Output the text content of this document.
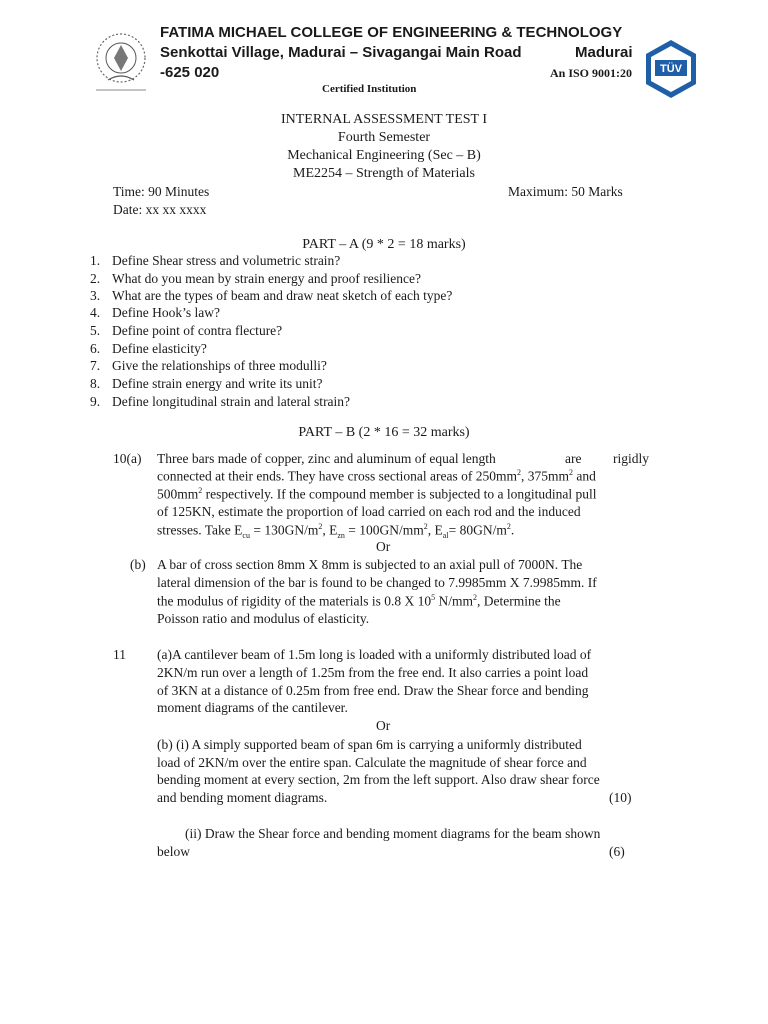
FATIMA MICHAEL COLLEGE OF ENGINEERING & TECHNOLOGY
Senkottai Village, Madurai – Sivagangai Main Road	Madurai
-625 020	An ISO 9001:20
Certified Institution
TÜV
INTERNAL ASSESSMENT TEST I
Fourth Semester
Mechanical Engineering (Sec – B)
ME2254 – Strength of Materials
Time: 90 Minutes	Maximum: 50 Marks
Date: xx xx xxxx
PART – A (9 * 2 = 18 marks)
1. Define Shear stress and volumetric strain?
2. What do you mean by strain energy and proof resilience?
3. What are the types of beam and draw neat sketch of each type?
4. Define Hook’s law?
5. Define point of contra flecture?
6. Define elasticity?
7. Give the relationships of three modulli?
8. Define strain energy and write its unit?
9. Define longitudinal strain and lateral strain?
PART – B (2 * 16 = 32 marks)
10(a) Three bars made of copper, zinc and aluminum of equal length	are rigidly
connected at their ends. They have cross sectional areas of $250mm^2$, $375mm^2$ and
$500mm^2$ respectively. If the compound member is subjected to a longitudinal pull
of 125KN, estimate the proportion of load carried on each rod and the induced
stresses. Take $E_{cu} = 130GN/m^2$, $E_{zn} = 100GN/mm^2$, $E_{al}= 80GN/m^2$.
Or
(b) A bar of cross section 8mm X 8mm is subjected to an axial pull of 7000N. The
lateral dimension of the bar is found to be changed to 7.9985mm X 7.9985mm. If
the modulus of rigidity of the materials is 0.8 X $10^5$ $N/mm^2$, Determine the
Poisson ratio and modulus of elasticity.
11 (a)A cantilever beam of 1.5m long is loaded with a uniformly distributed load of
2KN/m run over a length of 1.25m from the free end. It also carries a point load
of 3KN at a distance of 0.25m from free end. Draw the Shear force and bending
moment diagrams of the cantilever.
Or
(b) (i) A simply supported beam of span 6m is carrying a uniformly distributed
load of 2KN/m over the entire span. Calculate the magnitude of shear force and
bending moment at every section, 2m from the left support. Also draw shear force
and bending moment diagrams.	(10)
(ii) Draw the Shear force and bending moment diagrams for the beam shown
below	(6)
